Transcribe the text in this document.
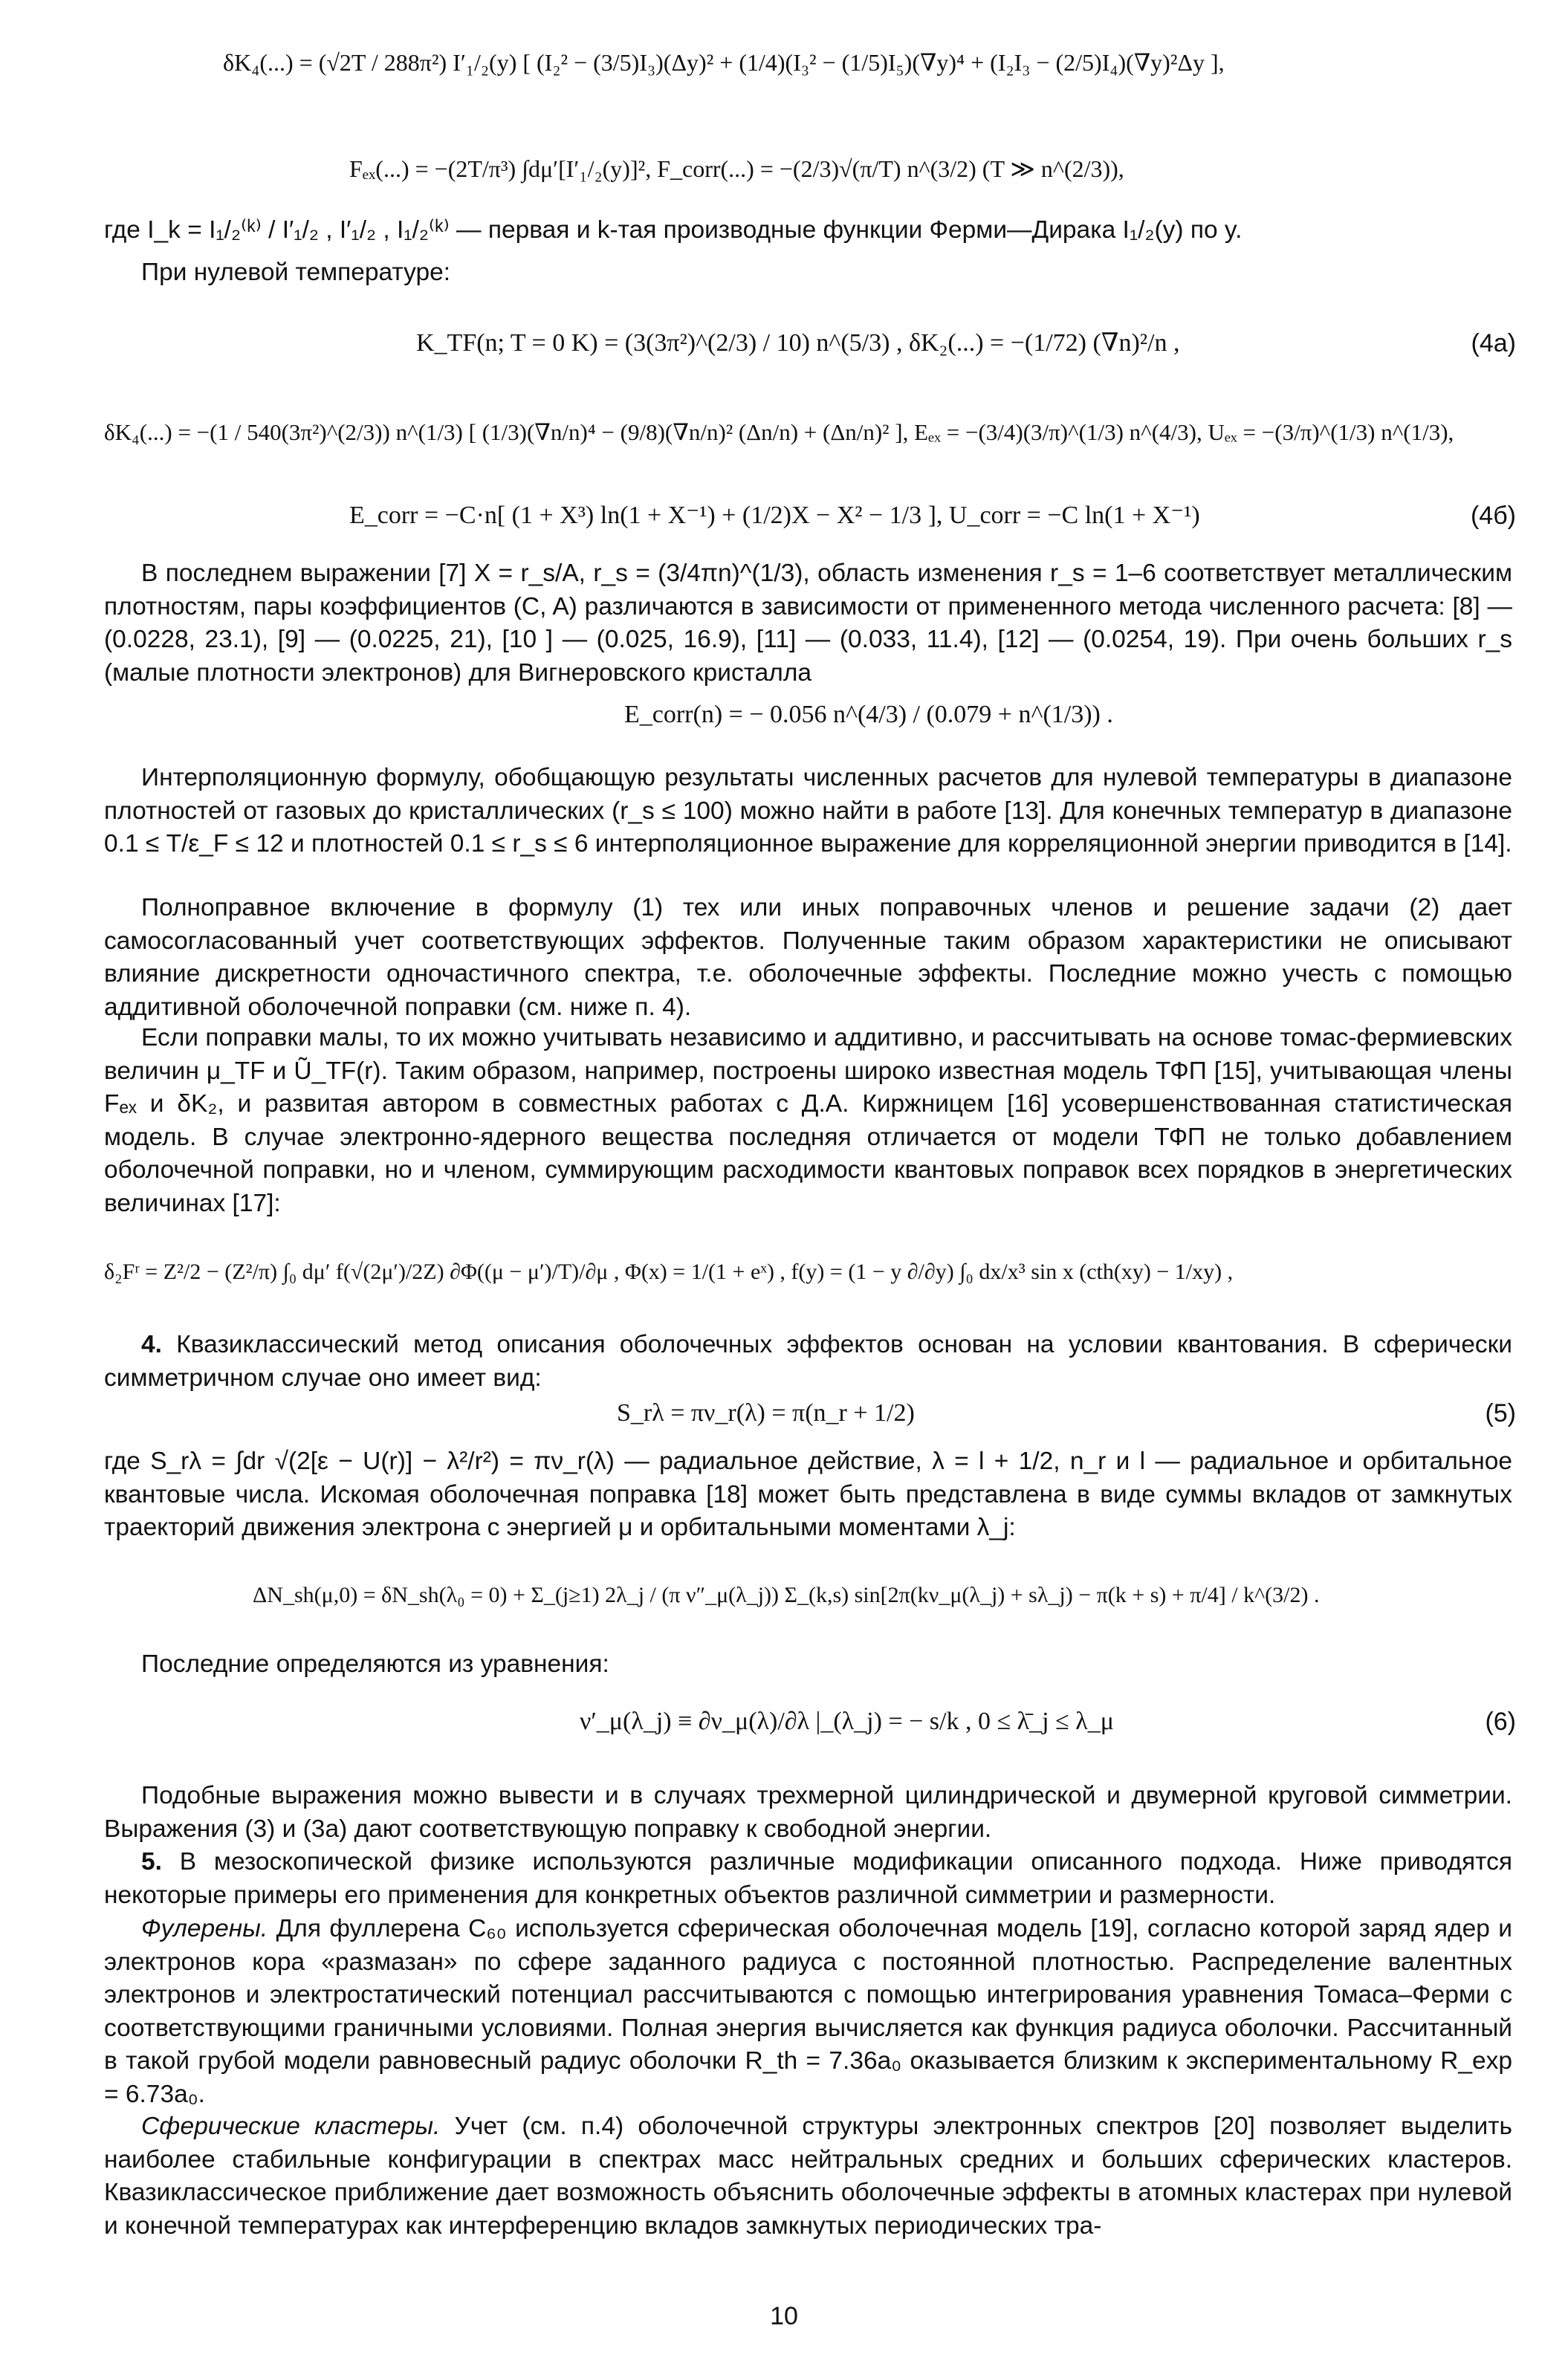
δK₄(...) = (√2T / 288π²) I′₁/₂(y) [ (I₂² − (3/5)I₃)(Δy)² + (1/4)(I₃² − (1/5)I₅)(∇y)⁴ + (I₂I₃ − (2/5)I₄)(∇y)²Δy ],
Fₑₓ(...) = −(2T/π³) ∫dμ′[I′₁/₂(y)]², F_corr(...) = −(2/3)√(π/T) n^(3/2) (T ≫ n^(2/3)),
где I_k = I₁/₂⁽ᵏ⁾ / I′₁/₂ , I′₁/₂ , I₁/₂⁽ᵏ⁾ — первая и k-тая производные функции Ферми—Дирака I₁/₂(y) по y.
При нулевой температуре:
K_TF(n; T = 0 K) = (3(3π²)^(2/3) / 10) n^(5/3) , δK₂(...) = −(1/72) (∇n)²/n ,	(4a)
δK₄(...) = −(1 / 540(3π²)^(2/3)) n^(1/3) [ (1/3)(∇n/n)⁴ − (9/8)(∇n/n)² (Δn/n) + (Δn/n)² ], Eₑₓ = −(3/4)(3/π)^(1/3) n^(4/3), Uₑₓ = −(3/π)^(1/3) n^(1/3),
E_corr = −C·n[ (1 + X³) ln(1 + X⁻¹) + (1/2)X − X² − 1/3 ], U_corr = −C ln(1 + X⁻¹)	(4б)
В последнем выражении [7] X = r_s/A, r_s = (3/4πn)^(1/3), область изменения r_s = 1–6 соответствует металлическим плотностям, пары коэффициентов (C, A) различаются в зависимости от примененного метода численного расчета: [8] — (0.0228, 23.1), [9] — (0.0225, 21), [10 ] — (0.025, 16.9), [11] — (0.033, 11.4), [12] — (0.0254, 19). При очень больших r_s (малые плотности электронов) для Вигнеровского кристалла
E_corr(n) = − 0.056 n^(4/3) / (0.079 + n^(1/3)) .
Интерполяционную формулу, обобщающую результаты численных расчетов для нулевой температуры в диапазоне плотностей от газовых до кристаллических (r_s ≤ 100) можно найти в работе [13]. Для конечных температур в диапазоне 0.1 ≤ T/ε_F ≤ 12 и плотностей 0.1 ≤ r_s ≤ 6 интерполяционное выражение для корреляционной энергии приводится в [14].
Полноправное включение в формулу (1) тех или иных поправочных членов и решение задачи (2) дает самосогласованный учет соответствующих эффектов. Полученные таким образом характеристики не описывают влияние дискретности одночастичного спектра, т.е. оболочечные эффекты. Последние можно учесть с помощью аддитивной оболочечной поправки (см. ниже п. 4).
Если поправки малы, то их можно учитывать независимо и аддитивно, и рассчитывать на основе томас-фермиевских величин μ_TF и Ũ_TF(r). Таким образом, например, построены широко известная модель ТФП [15], учитывающая члены Fₑₓ и δK₂, и развитая автором в совместных работах с Д.А. Киржницем [16] усовершенствованная статистическая модель. В случае электронно-ядерного вещества последняя отличается от модели ТФП не только добавлением оболочечной поправки, но и членом, суммирующим расходимости квантовых поправок всех порядков в энергетических величинах [17]:
δ₂Fʳ = Z²/2 − (Z²/π) ∫₀ dμ′ f(√(2μ′)/2Z) ∂Φ((μ − μ′)/T)/∂μ , Φ(x) = 1/(1 + eˣ) , f(y) = (1 − y ∂/∂y) ∫₀ dx/x³ sin x (cth(xy) − 1/xy) ,
4. Квазиклассический метод описания оболочечных эффектов основан на условии квантования. В сферически симметричном случае оно имеет вид:
S_rλ = πν_r(λ) = π(n_r + 1/2)	(5)
где S_rλ = ∫dr √(2[ε − U(r)] − λ²/r²) = πν_r(λ) — радиальное действие, λ = l + 1/2, n_r и l — радиальное и орбитальное квантовые числа. Искомая оболочечная поправка [18] может быть представлена в виде суммы вкладов от замкнутых траекторий движения электрона с энергией μ и орбитальными моментами λ_j:
ΔN_sh(μ,0) = δN_sh(λ₀ = 0) + Σ_(j≥1) 2λ_j / (π ν″_μ(λ_j)) Σ_(k,s) sin[2π(kν_μ(λ_j) + sλ_j) − π(k + s) + π/4] / k^(3/2) .
Последние определяются из уравнения:
ν′_μ(λ_j) ≡ ∂ν_μ(λ)/∂λ |_(λ_j) = − s/k , 0 ≤ λ̄_j ≤ λ_μ	(6)
Подобные выражения можно вывести и в случаях трехмерной цилиндрической и двумерной круговой симметрии. Выражения (3) и (3а) дают соответствующую поправку к свободной энергии.
5. В мезоскопической физике используются различные модификации описанного подхода. Ниже приводятся некоторые примеры его применения для конкретных объектов различной симметрии и размерности.
Фулерены. Для фуллерена C₆₀ используется сферическая оболочечная модель [19], согласно которой заряд ядер и электронов кора «размазан» по сфере заданного радиуса с постоянной плотностью. Распределение валентных электронов и электростатический потенциал рассчитываются с помощью интегрирования уравнения Томаса–Ферми с соответствующими граничными условиями. Полная энергия вычисляется как функция радиуса оболочки. Рассчитанный в такой грубой модели равновесный радиус оболочки R_th = 7.36a₀ оказывается близким к экспериментальному R_exp = 6.73a₀.
Сферические кластеры. Учет (см. п.4) оболочечной структуры электронных спектров [20] позволяет выделить наиболее стабильные конфигурации в спектрах масс нейтральных средних и больших сферических кластеров. Квазиклассическое приближение дает возможность объяснить оболочечные эффекты в атомных кластерах при нулевой и конечной температурах как интерференцию вкладов замкнутых периодических тра-
10
